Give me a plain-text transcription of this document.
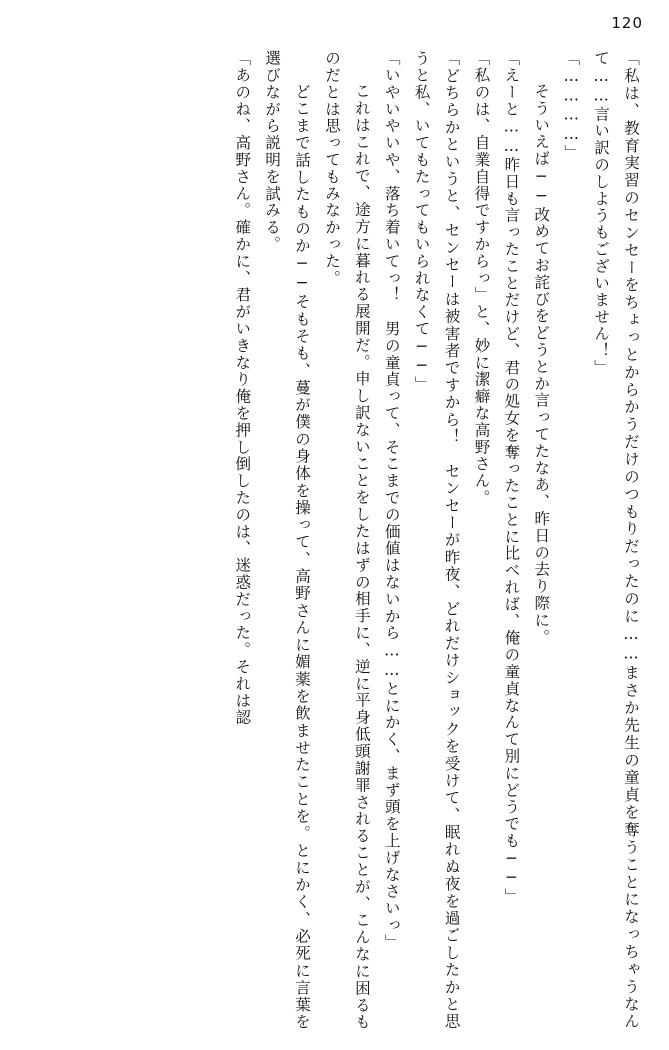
120

「私は、教育実習のセンセーをちょっとからかうだけのつもりだったのに……まさか先生の童貞を奪うことになっちゃうなんて……言い訳のしようもございません！」

「…………」

　そういえば──改めてお詫びをどうとか言ってたなあ、昨日の去り際に。

「えーと……昨日も言ったことだけど、君の処女を奪ったことに比べれば、俺の童貞なんて別にどうでも──」

「私のは、自業自得ですからっ」と、妙に潔癖な高野さん。

「どちらかというと、センセーは被害者ですから！　センセーが昨夜、どれだけショックを受けて、眠れぬ夜を過ごしたかと思うと私、いてもたってもいられなくて──」

「いやいやいや、落ち着いてっ！　男の童貞って、そこまでの価値はないから……とにかく、まず頭を上げなさいっ」

　これはこれで、途方に暮れる展開だ。申し訳ないことをしたはずの相手に、逆に平身低頭謝罪されることが、こんなに困るものだとは思ってもみなかった。

　どこまで話したものか──そもそも、蔓が僕の身体を操って、高野さんに媚薬を飲ませたことを。とにかく、必死に言葉を選びながら説明を試みる。

「あのね、高野さん。確かに、君がいきなり俺を押し倒したのは、迷惑だった。それは認
